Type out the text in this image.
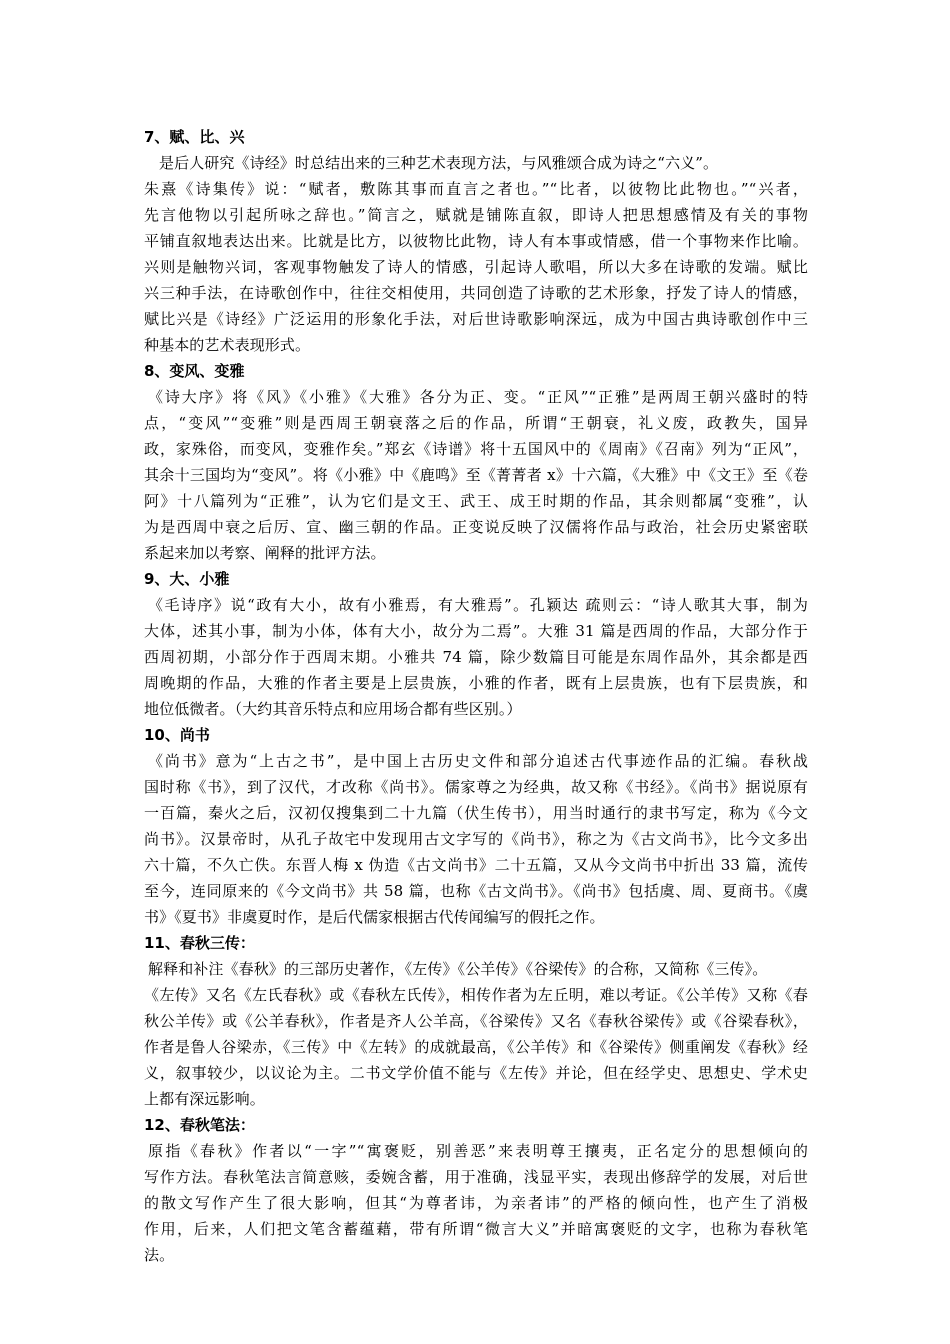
7、赋、比、兴

是后人研究《诗经》时总结出来的三种艺术表现方法，与风雅颂合成为诗之“六义”。

朱熹《诗集传》说：“赋者，敷陈其事而直言之者也。”“比者，以彼物比此物也。”“兴者，

先言他物以引起所咏之辞也。”简言之，赋就是铺陈直叙，即诗人把思想感情及有关的事物

平铺直叙地表达出来。比就是比方，以彼物比此物，诗人有本事或情感，借一个事物来作比喻。

兴则是触物兴词，客观事物触发了诗人的情感，引起诗人歌唱，所以大多在诗歌的发端。赋比

兴三种手法，在诗歌创作中，往往交相使用，共同创造了诗歌的艺术形象，抒发了诗人的情感，

赋比兴是《诗经》广泛运用的形象化手法，对后世诗歌影响深远，成为中国古典诗歌创作中三

种基本的艺术表现形式。

8、变风、变雅

《诗大序》将《风》《小雅》《大雅》各分为正、变。“正风”“正雅”是两周王朝兴盛时的特

点，“变风”“变雅”则是西周王朝衰落之后的作品，所谓“王朝衰，礼义废，政教失，国异

政，家殊俗，而变风，变雅作矣。”郑玄《诗谱》将十五国风中的《周南》《召南》列为“正风”，

其余十三国均为“变风”。将《小雅》中《鹿鸣》至《菁菁者 x》十六篇，《大雅》中《文王》至《卷

阿》十八篇列为“正雅”，认为它们是文王、武王、成王时期的作品，其余则都属“变雅”，认

为是西周中衰之后厉、宣、幽三朝的作品。正变说反映了汉儒将作品与政治，社会历史紧密联

系起来加以考察、阐释的批评方法。

9、大、小雅

《毛诗序》说“政有大小，故有小雅焉，有大雅焉”。孔颖达 疏则云：“诗人歌其大事，制为

大体，述其小事，制为小体，体有大小，故分为二焉”。大雅 31 篇是西周的作品，大部分作于

西周初期，小部分作于西周末期。小雅共 74 篇，除少数篇目可能是东周作品外，其余都是西

周晚期的作品，大雅的作者主要是上层贵族，小雅的作者，既有上层贵族，也有下层贵族，和

地位低微者。（大约其音乐特点和应用场合都有些区别。）

10、尚书

《尚书》意为“上古之书”，是中国上古历史文件和部分追述古代事迹作品的汇编。春秋战

国时称《书》，到了汉代，才改称《尚书》。儒家尊之为经典，故又称《书经》。《尚书》据说原有

一百篇，秦火之后，汉初仅搜集到二十九篇（伏生传书），用当时通行的隶书写定，称为《今文

尚书》。汉景帝时，从孔子故宅中发现用古文字写的《尚书》，称之为《古文尚书》，比今文多出

六十篇，不久亡佚。东晋人梅 x 伪造《古文尚书》二十五篇，又从今文尚书中折出 33 篇，流传

至今，连同原来的《今文尚书》共 58 篇，也称《古文尚书》。《尚书》包括虞、周、夏商书。《虞

书》《夏书》非虞夏时作，是后代儒家根据古代传闻编写的假托之作。

11、春秋三传：

解释和补注《春秋》的三部历史著作，《左传》《公羊传》《谷梁传》的合称，又简称《三传》。

《左传》又名《左氏春秋》或《春秋左氏传》，相传作者为左丘明，难以考证。《公羊传》又称《春

秋公羊传》或《公羊春秋》，作者是齐人公羊高，《谷梁传》又名《春秋谷梁传》或《谷梁春秋》，

作者是鲁人谷梁赤，《三传》中《左转》的成就最高，《公羊传》和《谷梁传》侧重阐发《春秋》经

义，叙事较少，以议论为主。二书文学价值不能与《左传》并论，但在经学史、思想史、学术史

上都有深远影响。

12、春秋笔法：

原指《春秋》作者以“一字”“寓褒贬，别善恶”来表明尊王攘夷，正名定分的思想倾向的

写作方法。春秋笔法言简意赅，委婉含蓄，用于准确，浅显平实，表现出修辞学的发展，对后世

的散文写作产生了很大影响，但其“为尊者讳，为亲者讳”的严格的倾向性，也产生了消极

作用，后来，人们把文笔含蓄蕴藉，带有所谓“微言大义”并暗寓褒贬的文字，也称为春秋笔

法。
